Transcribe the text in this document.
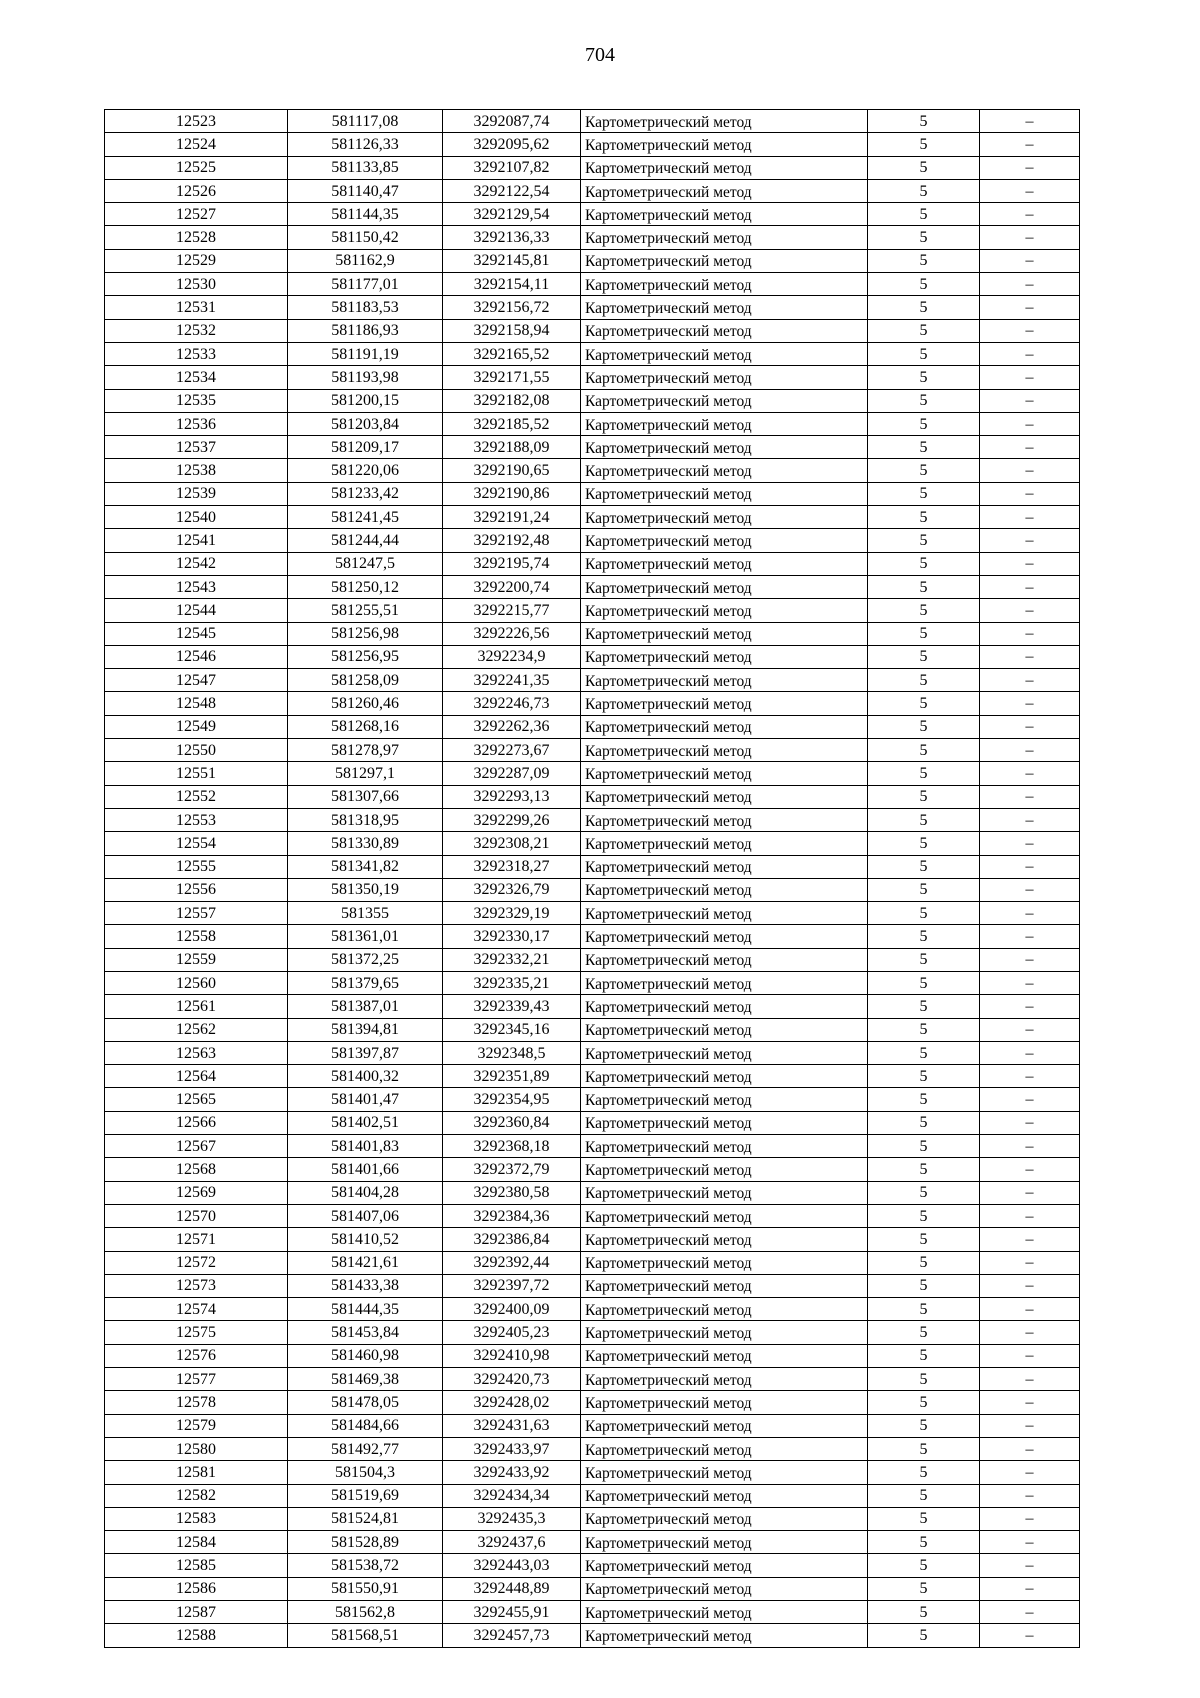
704
12523	581117,08	3292087,74	Картометрический метод	5	–
12524	581126,33	3292095,62	Картометрический метод	5	–
12525	581133,85	3292107,82	Картометрический метод	5	–
12526	581140,47	3292122,54	Картометрический метод	5	–
12527	581144,35	3292129,54	Картометрический метод	5	–
12528	581150,42	3292136,33	Картометрический метод	5	–
12529	581162,9	3292145,81	Картометрический метод	5	–
12530	581177,01	3292154,11	Картометрический метод	5	–
12531	581183,53	3292156,72	Картометрический метод	5	–
12532	581186,93	3292158,94	Картометрический метод	5	–
12533	581191,19	3292165,52	Картометрический метод	5	–
12534	581193,98	3292171,55	Картометрический метод	5	–
12535	581200,15	3292182,08	Картометрический метод	5	–
12536	581203,84	3292185,52	Картометрический метод	5	–
12537	581209,17	3292188,09	Картометрический метод	5	–
12538	581220,06	3292190,65	Картометрический метод	5	–
12539	581233,42	3292190,86	Картометрический метод	5	–
12540	581241,45	3292191,24	Картометрический метод	5	–
12541	581244,44	3292192,48	Картометрический метод	5	–
12542	581247,5	3292195,74	Картометрический метод	5	–
12543	581250,12	3292200,74	Картометрический метод	5	–
12544	581255,51	3292215,77	Картометрический метод	5	–
12545	581256,98	3292226,56	Картометрический метод	5	–
12546	581256,95	3292234,9	Картометрический метод	5	–
12547	581258,09	3292241,35	Картометрический метод	5	–
12548	581260,46	3292246,73	Картометрический метод	5	–
12549	581268,16	3292262,36	Картометрический метод	5	–
12550	581278,97	3292273,67	Картометрический метод	5	–
12551	581297,1	3292287,09	Картометрический метод	5	–
12552	581307,66	3292293,13	Картометрический метод	5	–
12553	581318,95	3292299,26	Картометрический метод	5	–
12554	581330,89	3292308,21	Картометрический метод	5	–
12555	581341,82	3292318,27	Картометрический метод	5	–
12556	581350,19	3292326,79	Картометрический метод	5	–
12557	581355	3292329,19	Картометрический метод	5	–
12558	581361,01	3292330,17	Картометрический метод	5	–
12559	581372,25	3292332,21	Картометрический метод	5	–
12560	581379,65	3292335,21	Картометрический метод	5	–
12561	581387,01	3292339,43	Картометрический метод	5	–
12562	581394,81	3292345,16	Картометрический метод	5	–
12563	581397,87	3292348,5	Картометрический метод	5	–
12564	581400,32	3292351,89	Картометрический метод	5	–
12565	581401,47	3292354,95	Картометрический метод	5	–
12566	581402,51	3292360,84	Картометрический метод	5	–
12567	581401,83	3292368,18	Картометрический метод	5	–
12568	581401,66	3292372,79	Картометрический метод	5	–
12569	581404,28	3292380,58	Картометрический метод	5	–
12570	581407,06	3292384,36	Картометрический метод	5	–
12571	581410,52	3292386,84	Картометрический метод	5	–
12572	581421,61	3292392,44	Картометрический метод	5	–
12573	581433,38	3292397,72	Картометрический метод	5	–
12574	581444,35	3292400,09	Картометрический метод	5	–
12575	581453,84	3292405,23	Картометрический метод	5	–
12576	581460,98	3292410,98	Картометрический метод	5	–
12577	581469,38	3292420,73	Картометрический метод	5	–
12578	581478,05	3292428,02	Картометрический метод	5	–
12579	581484,66	3292431,63	Картометрический метод	5	–
12580	581492,77	3292433,97	Картометрический метод	5	–
12581	581504,3	3292433,92	Картометрический метод	5	–
12582	581519,69	3292434,34	Картометрический метод	5	–
12583	581524,81	3292435,3	Картометрический метод	5	–
12584	581528,89	3292437,6	Картометрический метод	5	–
12585	581538,72	3292443,03	Картометрический метод	5	–
12586	581550,91	3292448,89	Картометрический метод	5	–
12587	581562,8	3292455,91	Картометрический метод	5	–
12588	581568,51	3292457,73	Картометрический метод	5	–
